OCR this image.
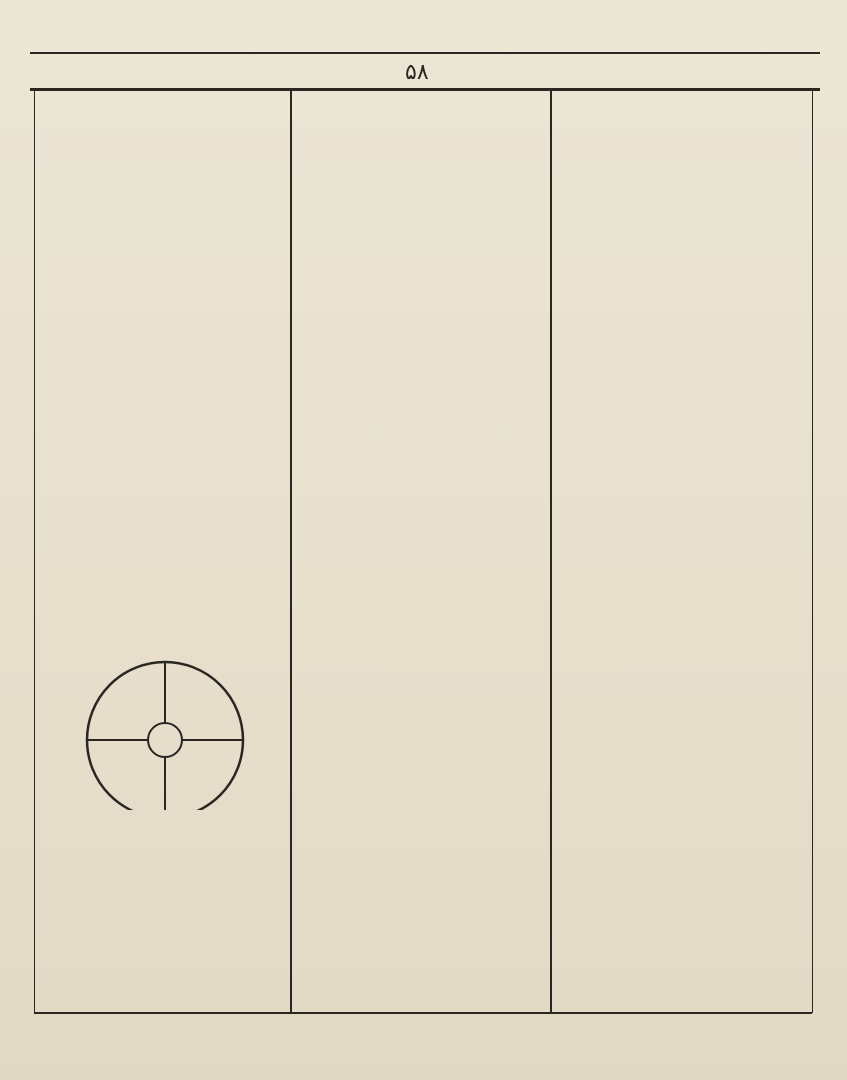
۵۸
